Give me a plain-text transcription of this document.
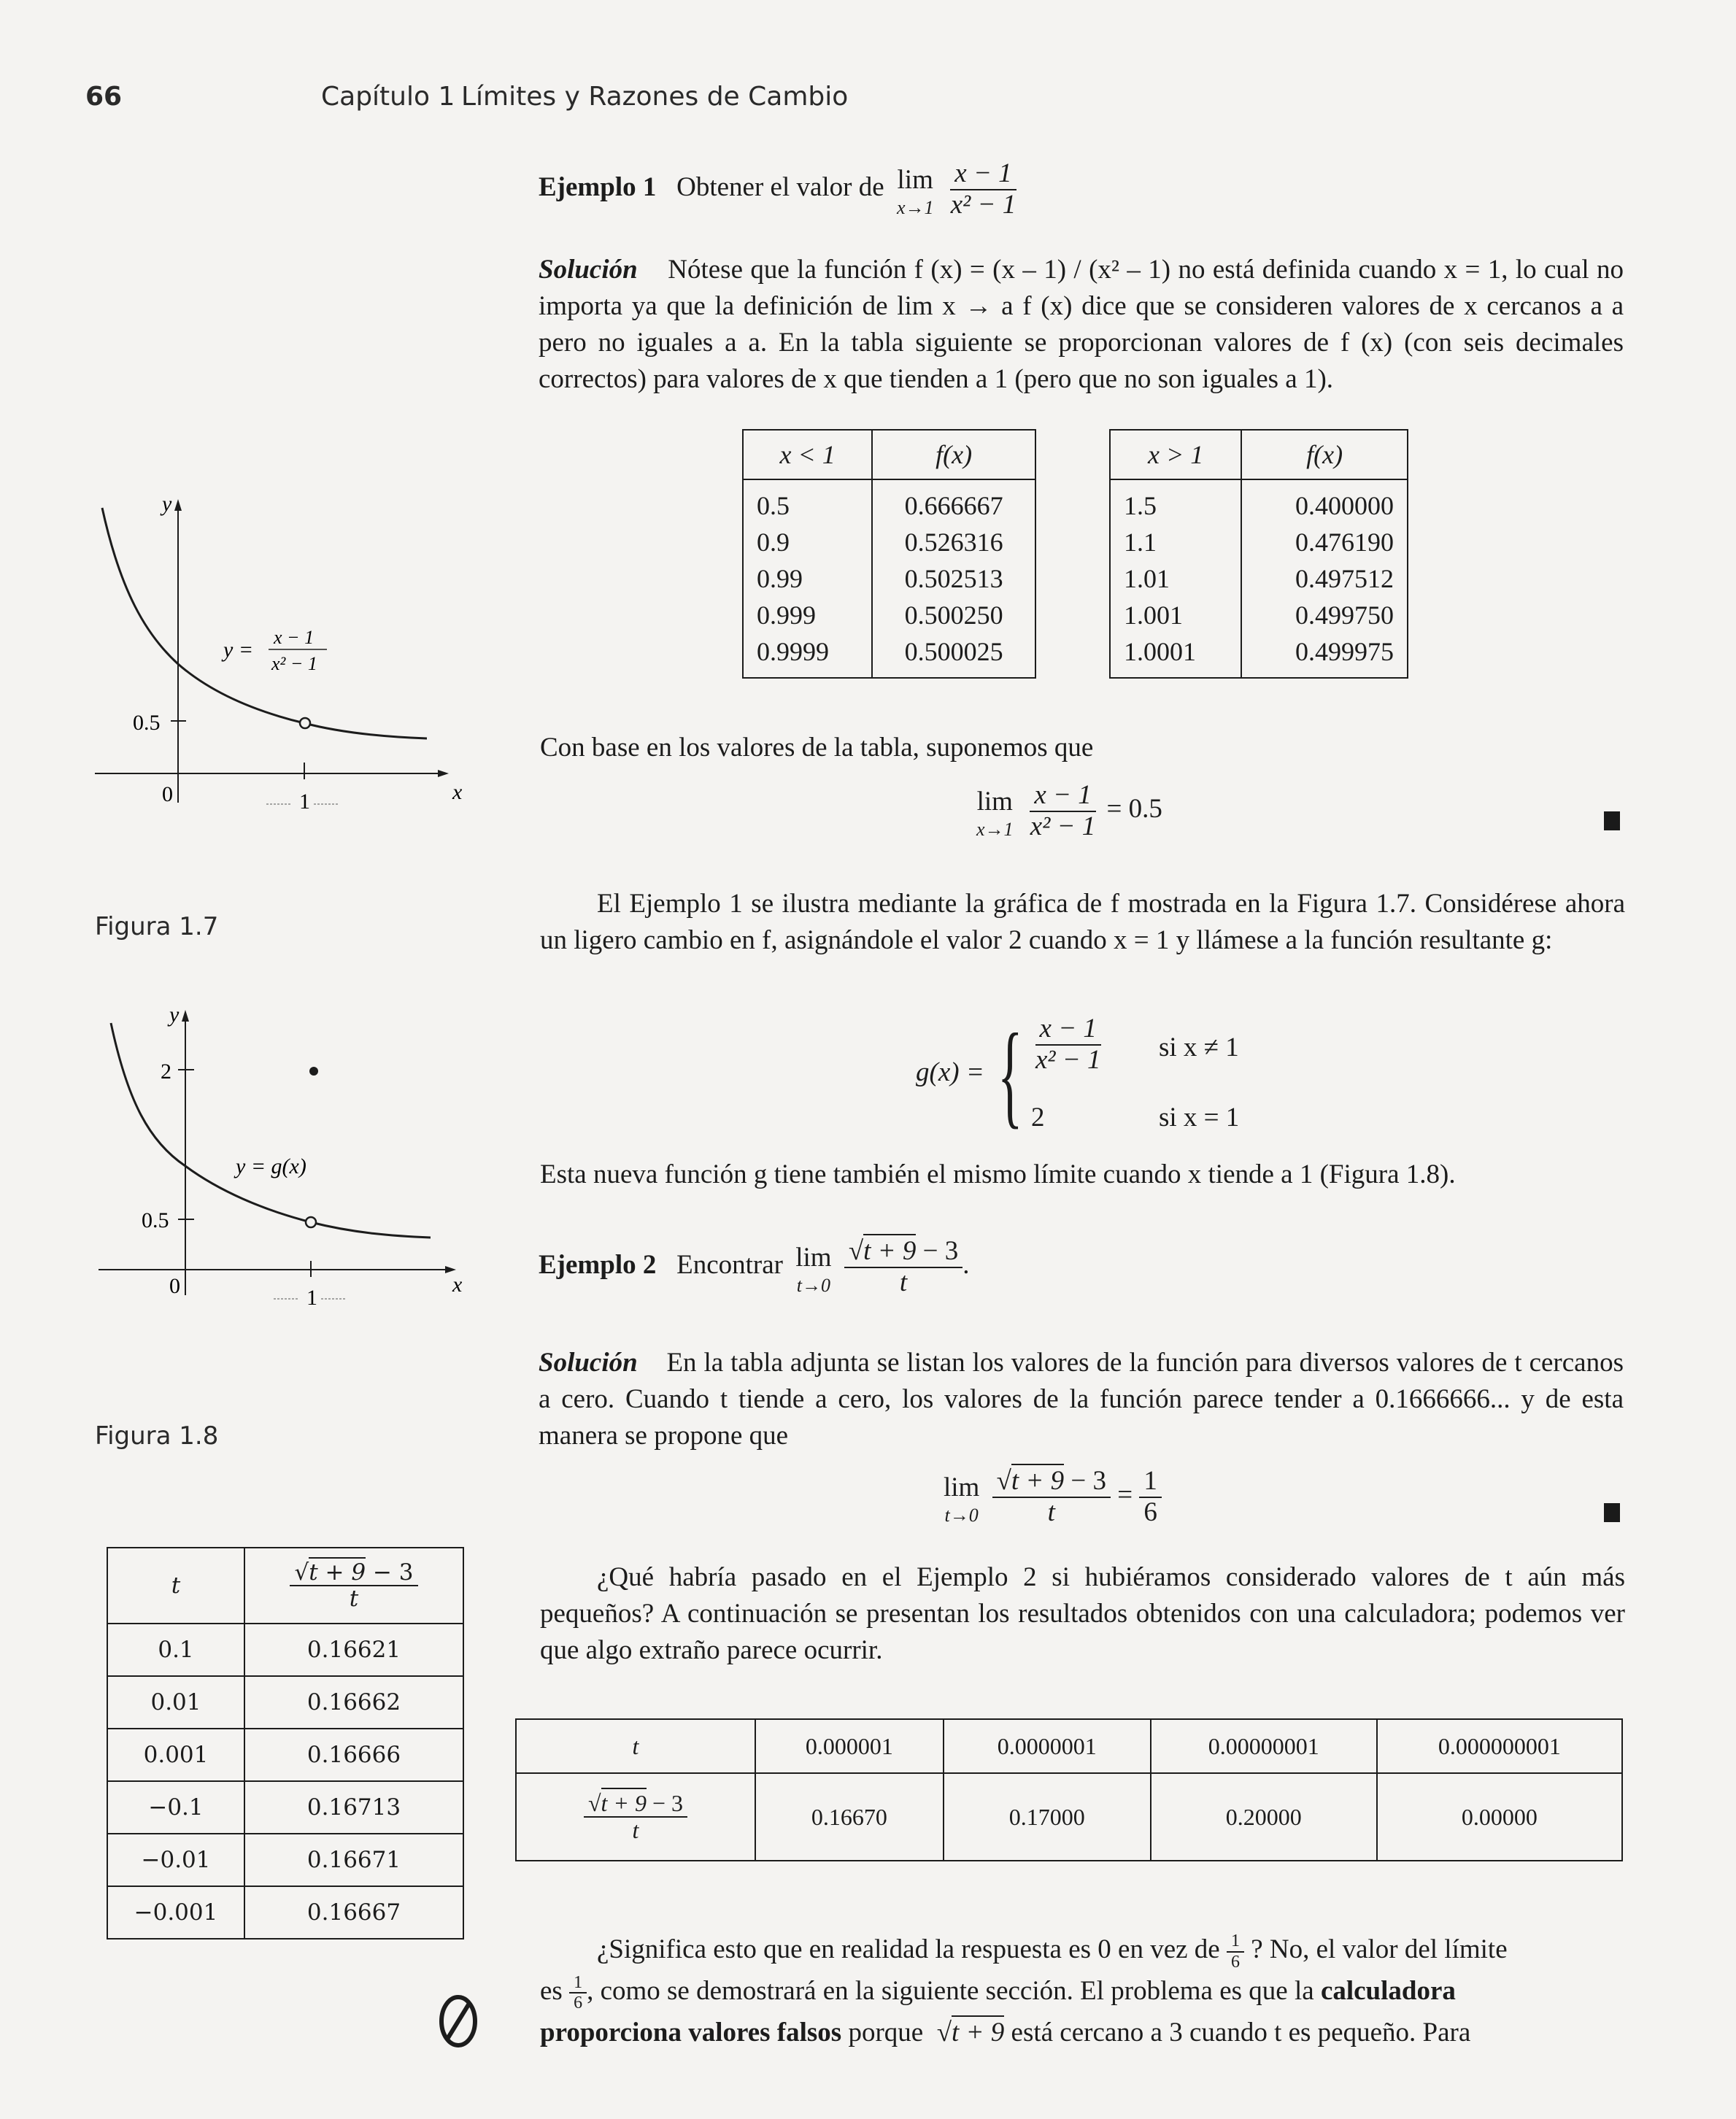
66	Capítulo 1 Límites y Razones de Cambio
Ejemplo 1 Obtener el valor de lim
x→1
$\frac{x - 1}{\text{x² − 1}}$
Solución Nótese que la función f (x) = (x – 1) / (x² – 1) no está definida cuando x = 1, lo cual no importa ya que la definición de lim x → a f (x) dice que se consideren valores de x cercanos a a pero no iguales a a. En la tabla siguiente se proporcionan valores de f (x) (con seis decimales correctos) para valores de x que tienden a 1 (pero que no son iguales a 1).
x < 1	f(x)
0.5	0.666667
0.9	0.526316
0.99	0.502513
0.999	0.500250
0.9999	0.500025
x > 1	f(x)
1.5	0.400000
1.1	0.476190
1.01	0.497512
1.001	0.499750
1.0001	0.499975
Con base en los valores de la tabla, suponemos que
lim
x→1
$\frac{x - 1}{\text{x² − 1}} = 0.5$
El Ejemplo 1 se ilustra mediante la gráfica de f mostrada en la Figura 1.7. Considérese ahora un ligero cambio en f, asignándole el valor 2 cuando x = 1 y llámese a la función resultante g:
g(x) = { $\frac{x - 1}{\text{x² − 1}}$ si x ≠ 1
2	si x = 1
Esta nueva función g tiene también el mismo límite cuando x tiende a 1 (Figura 1.8).
Ejemplo 2 Encontrar lim
t→0
$\frac{√t + 9 - 3}{t}$ .
Solución En la tabla adjunta se listan los valores de la función para diversos valores de t cercanos a cero. Cuando t tiende a cero, los valores de la función parece tender a 0.1666666... y de esta manera se propone que
lim
t→0
$\frac{√t + 9 - 3}{t} = \frac{1}{6}$
t	$\frac{√t + 9 - 3}{t}$

0.1	0.16621
0.01	0.16662
0.001	0.16666
−0.1	0.16713
−0.01	0.16671
−0.001	0.16667
¿Qué habría pasado en el Ejemplo 2 si hubiéramos considerado valores de t aún más pequeños? A continuación se presentan los resultados obtenidos con una calculadora; podemos ver que algo extraño parece ocurrir.
t	0.000001	0.0000001	0.00000001	0.000000001

$\frac{√t + 9 - 3}{t}$	0.16670	0.17000	0.20000	0.00000
¿Significa esto que en realidad la respuesta es 0 en vez de $\frac{1}{6}$ ? No, el valor del límite
es $\frac{1}{6}$ , como se demostrará en la siguiente sección. El problema es que la calculadora
proporciona valores falsos porque  √t + 9 está cercano a 3 cuando t es pequeño. Para
y
x
0.5
0	1
y =
x − 1
x² − 1
Figura 1.7
y
x
2
0.5
0	1
y = g(x)
Figura 1.8
